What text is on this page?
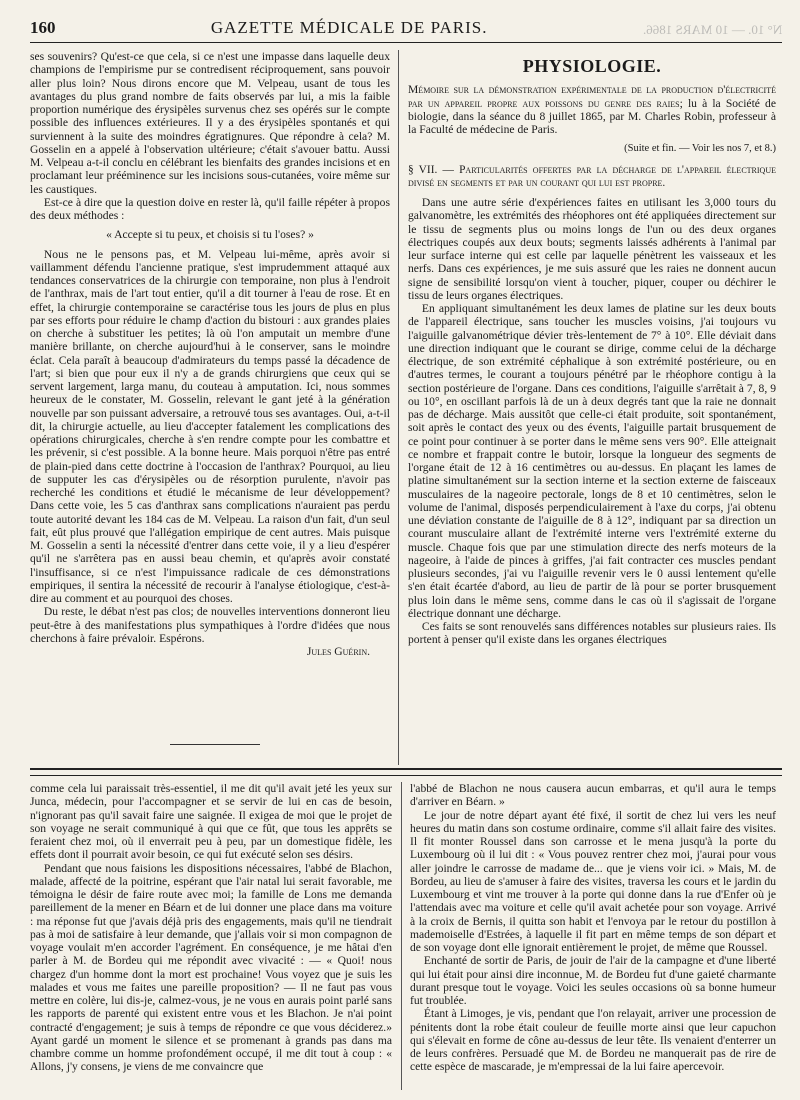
160	GAZETTE MÉDICALE DE PARIS.	N° 10. — 10 MARS 1866.

ses souvenirs? Qu'est-ce que cela, si ce n'est une impasse dans laquelle deux champions de l'empirisme pur se contredisent réciproquement, sans pouvoir aller plus loin? Nous dirons encore que M. Velpeau, usant de tous les avantages du plus grand nombre de faits observés par lui, a mis la faible proportion numérique des érysipèles survenus chez ses opérés sur le compte possible des influences extérieures. Il y a des érysipèles spontanés et qui surviennent à la suite des moindres égratignures. Que répondre à cela? M. Gosselin en a appelé à l'observation ultérieure; c'était s'avouer battu. Aussi M. Velpeau a-t-il conclu en célébrant les bienfaits des grandes incisions et en proclamant leur prééminence sur les incisions sous-cutanées, voire même sur les caustiques.

Est-ce à dire que la question doive en rester là, qu'il faille répéter à propos des deux méthodes :

« Accepte si tu peux, et choisis si tu l'oses? »

Nous ne le pensons pas, et M. Velpeau lui-même, après avoir si vaillamment défendu l'ancienne pratique, s'est imprudemment attaqué aux tendances conservatrices de la chirurgie con temporaine, non plus à l'endroit de l'anthrax, mais de l'art tout entier, qu'il a dit tourner à l'eau de rose. Et en effet, la chirurgie contemporaine se caractérise tous les jours de plus en plus par ses efforts pour réduire le champ d'action du bistouri : aux grandes plaies on cherche à substituer les petites; là où l'on amputait un membre d'une manière brillante, on cherche aujourd'hui à le conserver, sans le moindre éclat. Cela paraît à beaucoup d'admirateurs du temps passé la décadence de l'art; si bien que pour eux il n'y a de grands chirurgiens que ceux qui se servent largement, larga manu, du couteau à amputation. Ici, nous sommes heureux de le constater, M. Gosselin, relevant le gant jeté à la génération nouvelle par son puissant adversaire, a retrouvé tous ses avantages. Oui, a-t-il dit, la chirurgie actuelle, au lieu d'accepter fatalement les complications des opérations chirurgicales, cherche à s'en rendre compte pour les combattre et les prévenir, si c'est possible. A la bonne heure. Mais porquoi n'être pas entré de plain-pied dans cette doctrine à l'occasion de l'anthrax? Pourquoi, au lieu de supputer les cas d'érysipèles ou de résorption purulente, n'avoir pas recherché les conditions et étudié le mécanisme de leur développement? Dans cette voie, les 5 cas d'anthrax sans complications n'auraient pas perdu toute autorité devant les 184 cas de M. Velpeau. La raison d'un fait, d'un seul fait, eût plus prouvé que l'allégation empirique de cent autres. Mais puisque M. Gosselin a senti la nécessité d'entrer dans cette voie, il y a lieu d'espérer qu'il ne s'arrêtera pas en aussi beau chemin, et qu'après avoir constaté l'insuffisance, si ce n'est l'impuissance radicale de ces démonstrations empiriques, il sentira la nécessité de recourir à l'analyse étiologique, c'est-à-dire au comment et au pourquoi des choses.

Du reste, le débat n'est pas clos; de nouvelles interventions donneront lieu peut-être à des manifestations plus sympathiques à l'ordre d'idées que nous cherchons à faire prévaloir. Espérons.

Jules Guérin.

PHYSIOLOGIE.

Mémoire sur la démonstration expérimentale de la production d'électricité par un appareil propre aux poissons du genre des raies; lu à la Société de biologie, dans la séance du 8 juillet 1865, par M. Charles Robin, professeur à la Faculté de médecine de Paris.

(Suite et fin. — Voir les nos 7, et 8.)

§ VII. — Particularités offertes par la décharge de l'appareil électrique divisé en segments et par un courant qui lui est propre.

Dans une autre série d'expériences faites en utilisant les 3,000 tours du galvanomètre, les extrémités des rhéophores ont été appliquées directement sur le tissu de segments plus ou moins longs de l'un ou des deux organes électriques coupés aux deux bouts; segments laissés adhérents à l'animal par leur surface interne qui est celle par laquelle pénètrent les vaisseaux et les nerfs. Dans ces expériences, je me suis assuré que les raies ne donnent aucun signe de sensibilité lorsqu'on vient à toucher, piquer, couper ou déchirer le tissu de leurs organes électriques.

En appliquant simultanément les deux lames de platine sur les deux bouts de l'appareil électrique, sans toucher les muscles voisins, j'ai toujours vu l'aiguille galvanométrique dévier très-lentement de 7° à 10°. Elle déviait dans une direction indiquant que le courant se dirige, comme celui de la décharge électrique, de son extrémité céphalique à son extrémité postérieure, ou en d'autres termes, le courant a toujours pénétré par le rhéophore contigu à la section postérieure de l'organe. Dans ces conditions, l'aiguille s'arrêtait à 7, 8, 9 ou 10°, en oscillant parfois là de un à deux degrés tant que la raie ne donnait pas de décharge. Mais aussitôt que celle-ci était produite, soit spontanément, soit après le contact des yeux ou des évents, l'aiguille partait brusquement de ce point pour continuer à se porter dans le même sens vers 90°. Elle atteignait ce nombre et frappait contre le butoir, lorsque la longueur des segments de l'organe était de 12 à 16 centimètres ou au-dessus. En plaçant les lames de platine simultanément sur la section interne et la section externe de faisceaux musculaires de la nageoire pectorale, longs de 8 et 10 centimètres, selon le volume de l'animal, disposés perpendiculairement à l'axe du corps, j'ai obtenu une déviation constante de l'aiguille de 8 à 12°, indiquant par sa direction un courant musculaire allant de l'extrémité interne vers l'extrémité externe du muscle. Chaque fois que par une stimulation directe des nerfs moteurs de la nageoire, à l'aide de pinces à griffes, j'ai fait contracter ces muscles pendant plusieurs secondes, j'ai vu l'aiguille revenir vers le 0 aussi lentement qu'elle s'en était écartée d'abord, au lieu de partir de là pour se porter brusquement plus loin dans le même sens, comme dans le cas où il s'agissait de l'organe électrique donnant une décharge.

Ces faits se sont renouvelés sans différences notables sur plusieurs raies. Ils portent à penser qu'il existe dans les organes électriques

comme cela lui paraissait très-essentiel, il me dit qu'il avait jeté les yeux sur Junca, médecin, pour l'accompagner et se servir de lui en cas de besoin, n'ignorant pas qu'il savait faire une saignée. Il exigea de moi que le projet de son voyage ne serait communiqué à qui que ce fût, que tous les apprêts se feraient chez moi, où il enverrait peu à peu, par un domestique fidèle, les effets dont il pourrait avoir besoin, ce qui fut exécuté selon ses désirs.

Pendant que nous faisions les dispositions nécessaires, l'abbé de Blachon, malade, affecté de la poitrine, espérant que l'air natal lui serait favorable, me témoigna le désir de faire route avec moi; la famille de Lons me demanda pareillement de la mener en Béarn et de lui donner une place dans ma voiture : ma réponse fut que j'avais déjà pris des engagements, mais qu'il ne tiendrait pas à moi de satisfaire à leur demande, que j'allais voir si mon compagnon de voyage voulait m'en accorder l'agrément. En conséquence, je me hâtai d'en parler à M. de Bordeu qui me répondit avec vivacité : — « Quoi! nous chargez d'un homme dont la mort est prochaine! Vous voyez que je suis les malades et vous me faites une pareille proposition? — Il ne faut pas vous mettre en colère, lui dis-je, calmez-vous, je ne vous en aurais point parlé sans les rapports de parenté qui existent entre vous et les Blachon. Je n'ai point contracté d'engagement; je suis à temps de répondre ce que vous déciderez.» Ayant gardé un moment le silence et se promenant à grands pas dans ma chambre comme un homme profondément occupé, il me dit tout à coup : « Allons, j'y consens, je viens de me convaincre que

l'abbé de Blachon ne nous causera aucun embarras, et qu'il aura le temps d'arriver en Béarn. »

Le jour de notre départ ayant été fixé, il sortit de chez lui vers les neuf heures du matin dans son costume ordinaire, comme s'il allait faire des visites. Il fit monter Roussel dans son carrosse et le mena jusqu'à la porte du Luxembourg où il lui dit : « Vous pouvez rentrer chez moi, j'aurai pour vous aller joindre le carrosse de madame de... que je viens voir ici. » Mais, M. de Bordeu, au lieu de s'amuser à faire des visites, traversa les cours et le jardin du Luxembourg et vint me trouver à la porte qui donne dans la rue d'Enfer où je l'attendais avec ma voiture et celle qu'il avait achetée pour son voyage. Arrivé à la croix de Bernis, il quitta son habit et l'envoya par le retour du postillon à mademoiselle d'Estrées, à laquelle il fit part en même temps de son départ et de son voyage dont elle ignorait entièrement le projet, de même que Roussel.

Enchanté de sortir de Paris, de jouir de l'air de la campagne et d'une liberté qui lui était pour ainsi dire inconnue, M. de Bordeu fut d'une gaieté charmante durant presque tout le voyage. Voici les seules occasions où sa bonne humeur fut troublée.

Étant à Limoges, je vis, pendant que l'on relayait, arriver une procession de pénitents dont la robe était couleur de feuille morte ainsi que leur capuchon qui s'élevait en forme de cône au-dessus de leur tête. Ils venaient d'enterrer un de leurs confrères. Persuadé que M. de Bordeu ne manquerait pas de rire de cette espèce de mascarade, je m'empressai de la lui faire apercevoir.
